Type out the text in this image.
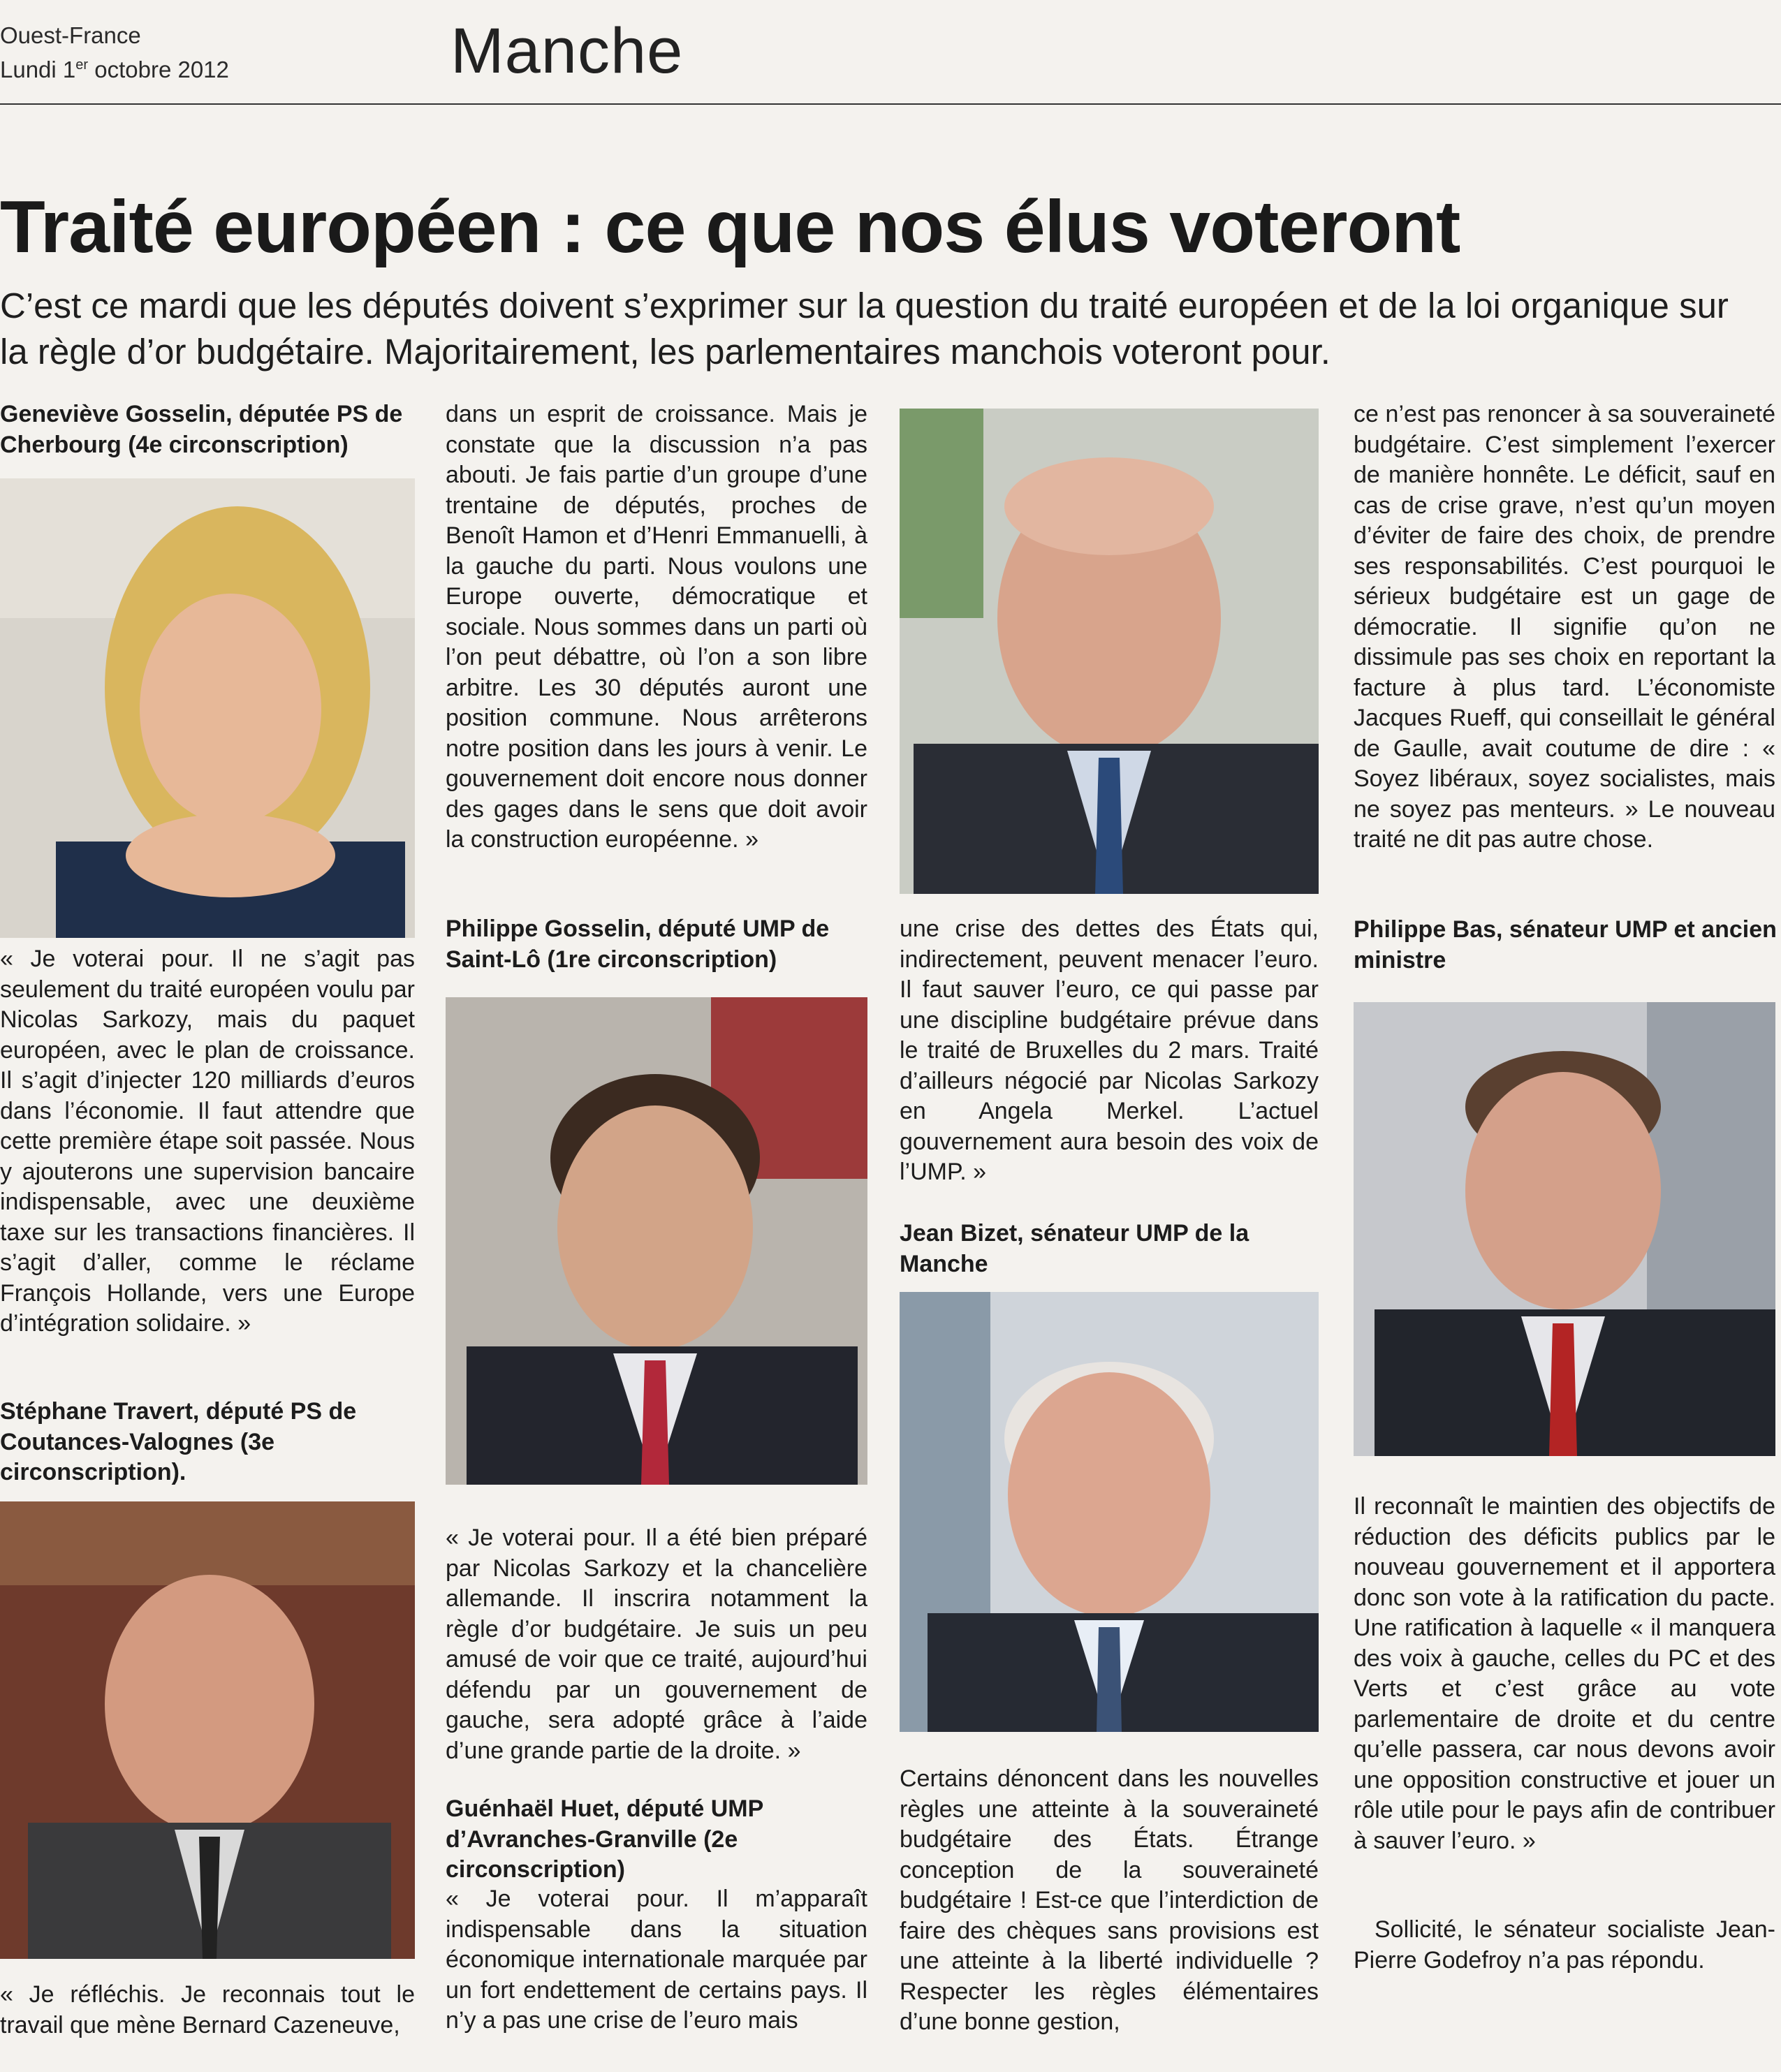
Ouest-France
Lundi 1er octobre 2012	Manche
Traité européen : ce que nos élus voteront
C’est ce mardi que les députés doivent s’exprimer sur la question du traité européen et de la loi organique sur la règle d’or budgétaire. Majoritairement, les parlementaires manchois voteront pour.
Geneviève Gosselin, députée PS de Cherbourg (4e circonscription)
« Je voterai pour. Il ne s’agit pas seulement du traité européen voulu par Nicolas Sarkozy, mais du paquet européen, avec le plan de croissance. Il s’agit d’injecter 120 milliards d’euros dans l’économie. Il faut attendre que cette première étape soit passée. Nous y ajouterons une supervision bancaire indispensable, avec une deuxième taxe sur les transactions financières. Il s’agit d’aller, comme le réclame François Hollande, vers une Europe d’intégration solidaire. »
Stéphane Travert, député PS de Coutances-Valognes (3e circonscription).
« Je réfléchis. Je reconnais tout le travail que mène Bernard Cazeneuve,
dans un esprit de croissance. Mais je constate que la discussion n’a pas abouti. Je fais partie d’un groupe d’une trentaine de députés, proches de Benoît Hamon et d’Henri Emmanuelli, à la gauche du parti. Nous voulons une Europe ouverte, démocratique et sociale. Nous sommes dans un parti où l’on peut débattre, où l’on a son libre arbitre. Les 30 députés auront une position commune. Nous arrêterons notre position dans les jours à venir. Le gouvernement doit encore nous donner des gages dans le sens que doit avoir la construction européenne. »
Philippe Gosselin, député UMP de Saint-Lô (1re circonscription)
« Je voterai pour. Il a été bien préparé par Nicolas Sarkozy et la chancelière allemande. Il inscrira notamment la règle d’or budgétaire. Je suis un peu amusé de voir que ce traité, aujourd’hui défendu par un gouvernement de gauche, sera adopté grâce à l’aide d’une grande partie de la droite. »
Guénhaël Huet, député UMP d’Avranches-Granville (2e circonscription)
« Je voterai pour. Il m’apparaît indispensable dans la situation économique internationale marquée par un fort endettement de certains pays. Il n’y a pas une crise de l’euro mais
une crise des dettes des États qui, indirectement, peuvent menacer l’euro. Il faut sauver l’euro, ce qui passe par une discipline budgétaire prévue dans le traité de Bruxelles du 2 mars. Traité d’ailleurs négocié par Nicolas Sarkozy en Angela Merkel. L’actuel gouvernement aura besoin des voix de l’UMP. »
Jean Bizet, sénateur UMP de la Manche
Certains dénoncent dans les nouvelles règles une atteinte à la souveraineté budgétaire des États. Étrange conception de la souveraineté budgétaire ! Est-ce que l’interdiction de faire des chèques sans provisions est une atteinte à la liberté individuelle ? Respecter les règles élémentaires d’une bonne gestion,
ce n’est pas renoncer à sa souveraineté budgétaire. C’est simplement l’exercer de manière honnête. Le déficit, sauf en cas de crise grave, n’est qu’un moyen d’éviter de faire des choix, de prendre ses responsabilités. C’est pourquoi le sérieux budgétaire est un gage de démocratie. Il signifie qu’on ne dissimule pas ses choix en reportant la facture à plus tard. L’économiste Jacques Rueff, qui conseillait le général de Gaulle, avait coutume de dire : « Soyez libéraux, soyez socialistes, mais ne soyez pas menteurs. » Le nouveau traité ne dit pas autre chose.
Philippe Bas, sénateur UMP et ancien ministre
Il reconnaît le maintien des objectifs de réduction des déficits publics par le nouveau gouvernement et il apportera donc son vote à la ratification du pacte. Une ratification à laquelle « il manquera des voix à gauche, celles du PC et des Verts et c’est grâce au vote parlementaire de droite et du centre qu’elle passera, car nous devons avoir une opposition constructive et jouer un rôle utile pour le pays afin de contribuer à sauver l’euro. »
Sollicité, le sénateur socialiste Jean-Pierre Godefroy n’a pas répondu.
